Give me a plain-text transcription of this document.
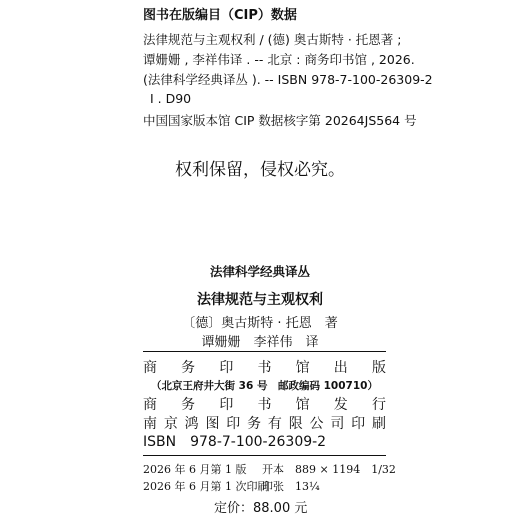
图书在版编目（CIP）数据
法律规范与主观权利 / (德) 奥古斯特 · 托恩著 ;
谭姗姗 , 李祥伟译 . -- 北京 : 商务印书馆 , 2026.
(法律科学经典译丛 ). -- ISBN 978-7-100-26309-2
Ⅰ . D90
中国国家版本馆 CIP 数据核字第 20264JS564 号
权利保留，侵权必究。
法律科学经典译丛
法律规范与主观权利
〔德〕奥古斯特 · 托恩　著
谭姗姗　李祥伟　译
商 务 印 书 馆 出 版
（北京王府井大街 36 号　邮政编码 100710）
商 务 印 书 馆 发 行
南 京 鸿 图 印 务 有 限 公 司 印 刷
ISBN　978-7-100-26309-2
2026 年 6 月第 1 版 开本　889 × 1194　1/32
2026 年 6 月第 1 次印刷
印张　13¼
定价：88.00 元
